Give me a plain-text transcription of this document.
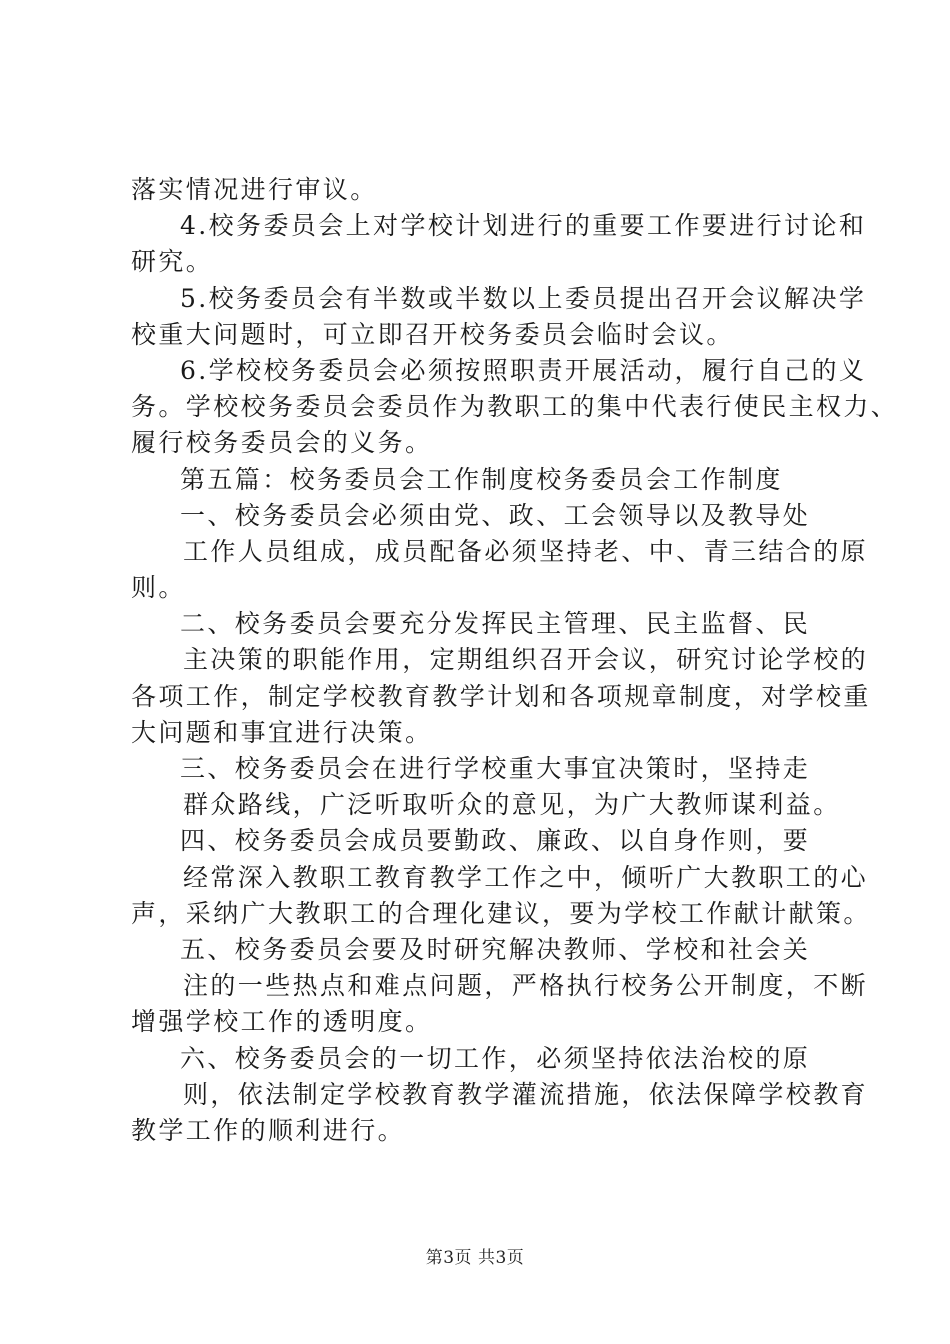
落实情况进行审议。
4.校务委员会上对学校计划进行的重要工作要进行讨论和
研究。
5.校务委员会有半数或半数以上委员提出召开会议解决学
校重大问题时，可立即召开校务委员会临时会议。
6.学校校务委员会必须按照职责开展活动，履行自己的义
务。学校校务委员会委员作为教职工的集中代表行使民主权力、
履行校务委员会的义务。
第五篇：校务委员会工作制度校务委员会工作制度
一、校务委员会必须由党、政、工会领导以及教导处
工作人员组成，成员配备必须坚持老、中、青三结合的原
则。
二、校务委员会要充分发挥民主管理、民主监督、民
主决策的职能作用，定期组织召开会议，研究讨论学校的
各项工作，制定学校教育教学计划和各项规章制度，对学校重
大问题和事宜进行决策。
三、校务委员会在进行学校重大事宜决策时，坚持走
群众路线，广泛听取听众的意见，为广大教师谋利益。
四、校务委员会成员要勤政、廉政、以自身作则，要
经常深入教职工教育教学工作之中，倾听广大教职工的心
声，采纳广大教职工的合理化建议，要为学校工作献计献策。
五、校务委员会要及时研究解决教师、学校和社会关
注的一些热点和难点问题，严格执行校务公开制度，不断
增强学校工作的透明度。
六、校务委员会的一切工作，必须坚持依法治校的原
则，依法制定学校教育教学灌流措施，依法保障学校教育
教学工作的顺利进行。
第3页 共3页
